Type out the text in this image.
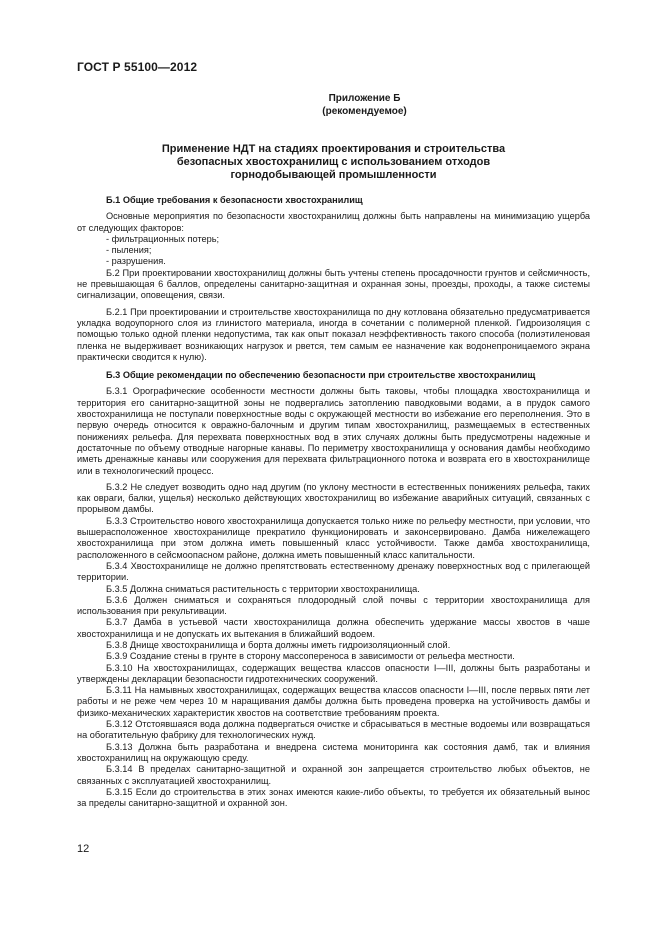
ГОСТ Р 55100—2012
Приложение Б
(рекомендуемое)
Применение НДТ на стадиях проектирования и строительства
безопасных хвостохранилищ с использованием отходов
горнодобывающей промышленности

Б.1 Общие требования к безопасности хвостохранилищ

Основные мероприятия по безопасности хвостохранилищ должны быть направлены на минимизацию ущерба от следующих факторов:

- фильтрационных потерь;

- пыления;

- разрушения.

Б.2 При проектировании хвостохранилищ должны быть учтены степень просадочности грунтов и сейсмичность, не превышающая 6 баллов, определены санитарно-защитная и охранная зоны, проезды, проходы, а также системы сигнализации, оповещения, связи.

Б.2.1 При проектировании и строительстве хвостохранилища по дну котлована обязательно предусматривается укладка водоупорного слоя из глинистого материала, иногда в сочетании с полимерной пленкой. Гидроизоляция с помощью только одной пленки недопустима, так как опыт показал неэффективность такого способа (полиэтиленовая пленка не выдерживает возникающих нагрузок и рвется, тем самым ее назначение как водонепроницаемого экрана практически сводится к нулю).

Б.3 Общие рекомендации по обеспечению безопасности при строительстве хвостохранилищ

Б.3.1 Орографические особенности местности должны быть таковы, чтобы площадка хвостохранилища и территория его санитарно-защитной зоны не подвергались затоплению паводковыми водами, а в прудок самого хвостохранилища не поступали поверхностные воды с окружающей местности во избежание его переполнения. Это в первую очередь относится к овражно-балочным и другим типам хвостохранилищ, размещаемых в естественных понижениях рельефа. Для перехвата поверхностных вод в этих случаях должны быть предусмотрены надежные и достаточные по объему отводные нагорные канавы. По периметру хвостохранилища у основания дамбы необходимо иметь дренажные канавы или сооружения для перехвата фильтрационного потока и возврата его в хвостохранилище или в технологический процесс.

Б.3.2 Не следует возводить одно над другим (по уклону местности в естественных понижениях рельефа, таких как овраги, балки, ущелья) несколько действующих хвостохранилищ во избежание аварийных ситуаций, связанных с прорывом дамбы.

Б.3.3 Строительство нового хвостохранилища допускается только ниже по рельефу местности, при условии, что вышерасположенное хвостохранилище прекратило функционировать и законсервировано. Дамба нижележащего хвостохранилища при этом должна иметь повышенный класс устойчивости. Также дамба хвостохранилища, расположенного в сейсмоопасном районе, должна иметь повышенный класс капитальности.

Б.3.4 Хвостохранилище не должно препятствовать естественному дренажу поверхностных вод с прилегающей территории.

Б.3.5 Должна сниматься растительность с территории хвостохранилища.

Б.3.6 Должен сниматься и сохраняться плодородный слой почвы с территории хвостохранилища для использования при рекультивации.

Б.3.7 Дамба в устьевой части хвостохранилища должна обеспечить удержание массы хвостов в чаше хвостохранилища и не допускать их вытекания в ближайший водоем.

Б.3.8 Днище хвостохранилища и борта должны иметь гидроизоляционный слой.

Б.3.9 Создание стены в грунте в сторону массопереноса в зависимости от рельефа местности.

Б.3.10 На хвостохранилищах, содержащих вещества классов опасности I—III, должны быть разработаны и утверждены декларации безопасности гидротехнических сооружений.

Б.3.11 На намывных хвостохранилищах, содержащих вещества классов опасности I—III, после первых пяти лет работы и не реже чем через 10 м наращивания дамбы должна быть проведена проверка на устойчивость дамбы и физико-механических характеристик хвостов на соответствие требованиям проекта.

Б.3.12 Отстоявшаяся вода должна подвергаться очистке и сбрасываться в местные водоемы или возвращаться на обогатительную фабрику для технологических нужд.

Б.3.13 Должна быть разработана и внедрена система мониторинга как состояния дамб, так и влияния хвостохранилищ на окружающую среду.

Б.3.14 В пределах санитарно-защитной и охранной зон запрещается строительство любых объектов, не связанных с эксплуатацией хвостохранилищ.

Б.3.15 Если до строительства в этих зонах имеются какие-либо объекты, то требуется их обязательный вынос за пределы санитарно-защитной и охранной зон.

12
